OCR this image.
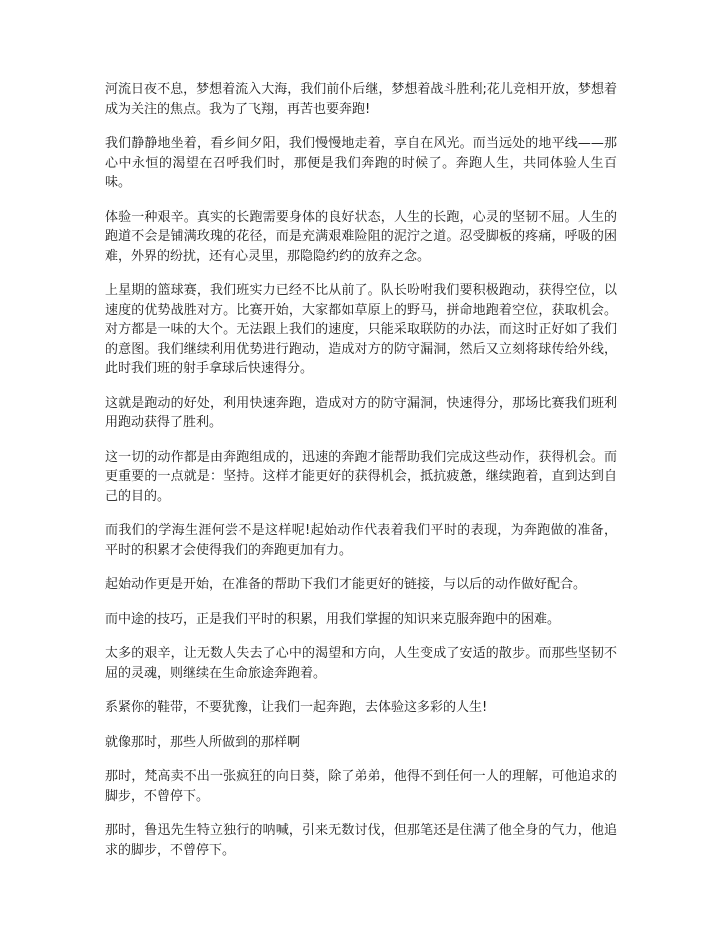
河流日夜不息，梦想着流入大海，我们前仆后继，梦想着战斗胜利;花儿竞相开放，梦想着成为关注的焦点。我为了飞翔，再苦也要奔跑!

我们静静地坐着，看乡间夕阳，我们慢慢地走着，享自在风光。而当远处的地平线——那心中永恒的渴望在召呼我们时，那便是我们奔跑的时候了。奔跑人生，共同体验人生百味。

体验一种艰辛。真实的长跑需要身体的良好状态，人生的长跑，心灵的坚韧不屈。人生的跑道不会是铺满玫瑰的花径，而是充满艰难险阻的泥泞之道。忍受脚板的疼痛，呼吸的困难，外界的纷扰，还有心灵里，那隐隐约约的放弃之念。

上星期的篮球赛，我们班实力已经不比从前了。队长吩咐我们要积极跑动，获得空位，以速度的优势战胜对方。比赛开始，大家都如草原上的野马，拼命地跑着空位，获取机会。对方都是一味的大个。无法跟上我们的速度，只能采取联防的办法，而这时正好如了我们的意图。我们继续利用优势进行跑动，造成对方的防守漏洞，然后又立刻将球传给外线，此时我们班的射手拿球后快速得分。

这就是跑动的好处，利用快速奔跑，造成对方的防守漏洞，快速得分，那场比赛我们班利用跑动获得了胜利。

这一切的动作都是由奔跑组成的，迅速的奔跑才能帮助我们完成这些动作，获得机会。而更重要的一点就是：坚持。这样才能更好的获得机会，抵抗疲惫，继续跑着，直到达到自己的目的。

而我们的学海生涯何尝不是这样呢!起始动作代表着我们平时的表现，为奔跑做的准备，平时的积累才会使得我们的奔跑更加有力。

起始动作更是开始，在准备的帮助下我们才能更好的链接，与以后的动作做好配合。

而中途的技巧，正是我们平时的积累，用我们掌握的知识来克服奔跑中的困难。

太多的艰辛，让无数人失去了心中的渴望和方向，人生变成了安适的散步。而那些坚韧不屈的灵魂，则继续在生命旅途奔跑着。

系紧你的鞋带，不要犹豫，让我们一起奔跑，去体验这多彩的人生!

就像那时，那些人所做到的那样啊

那时，梵高卖不出一张疯狂的向日葵，除了弟弟，他得不到任何一人的理解，可他追求的脚步，不曾停下。

那时，鲁迅先生特立独行的呐喊，引来无数讨伐，但那笔还是住满了他全身的气力，他追求的脚步，不曾停下。
